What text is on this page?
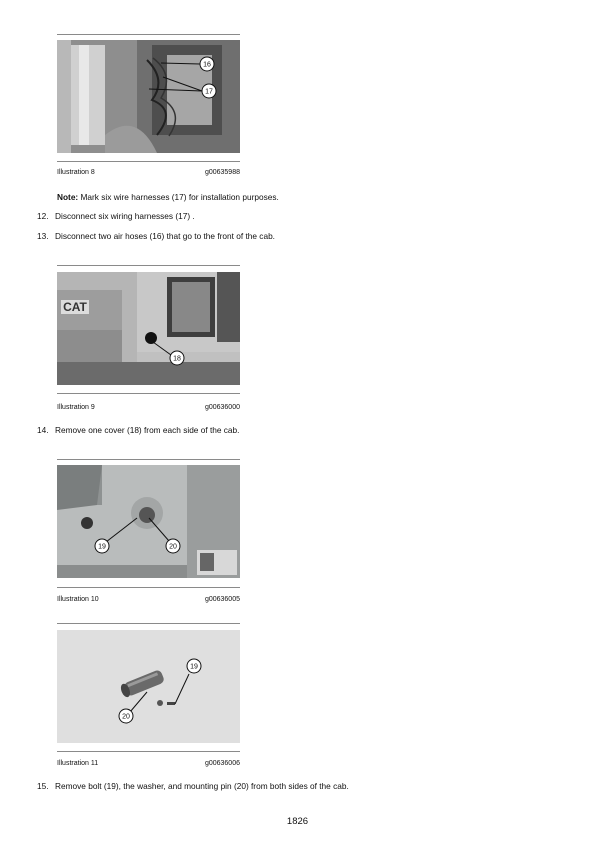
16
17
Illustration 8	g00635988
Note: Mark six wire harnesses (17) for installation purposes.
12. Disconnect six wiring harnesses (17) .
13. Disconnect two air hoses (16) that go to the front of the cab.
CAT
18
Illustration 9	g00636000
14. Remove one cover (18) from each side of the cab.
19	20
Illustration 10	g00636005
19
20
Illustration 11	g00636006
15. Remove bolt (19), the washer, and mounting pin (20) from both sides of the cab.
1826
